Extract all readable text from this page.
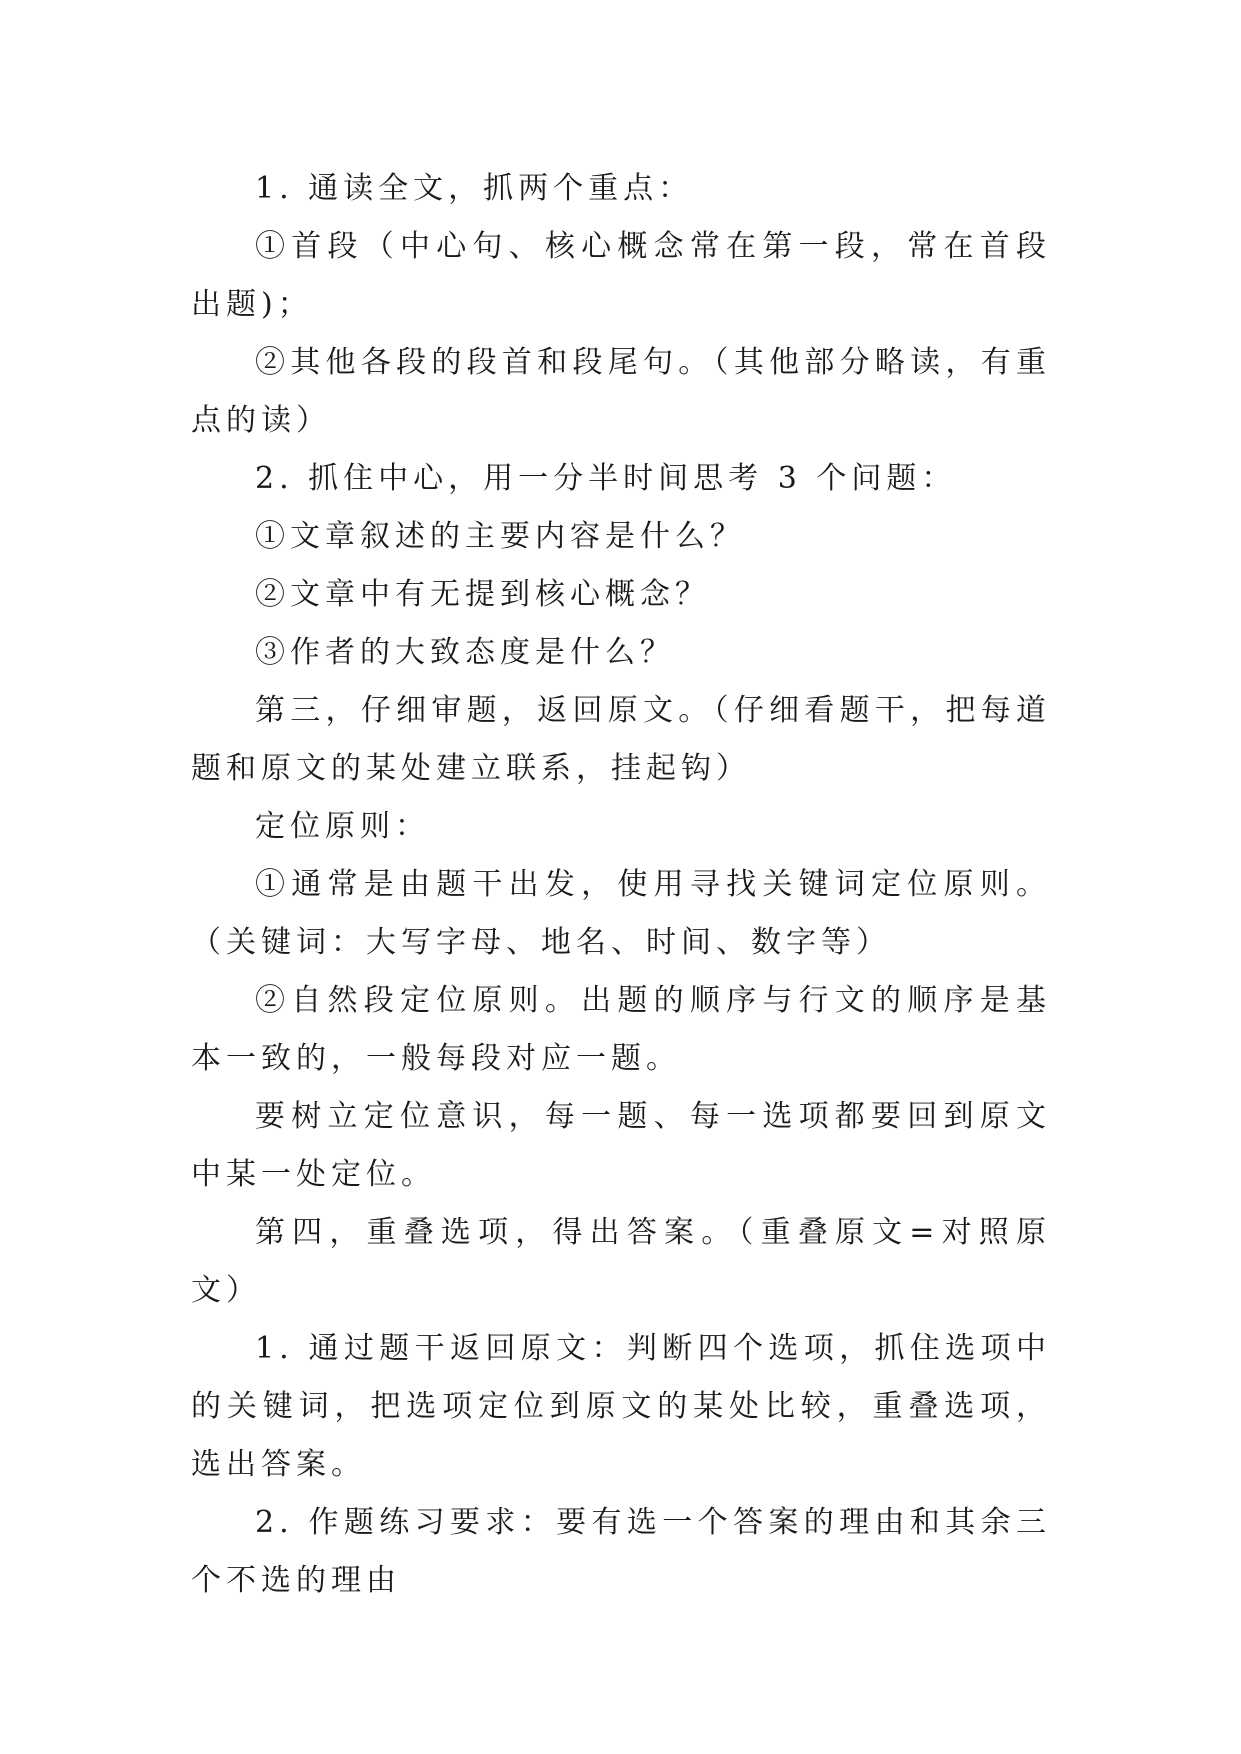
1. 通读全文，抓两个重点：

①首段（中心句、核心概念常在第一段，常在首段出题)；

②其他各段的段首和段尾句。（其他部分略读，有重点的读）

2. 抓住中心，用一分半时间思考 3 个问题：

①文章叙述的主要内容是什么？

②文章中有无提到核心概念？

③作者的大致态度是什么？

第三，仔细审题，返回原文。（仔细看题干，把每道题和原文的某处建立联系，挂起钩）

定位原则：

①通常是由题干出发，使用寻找关键词定位原则。（关键词：大写字母、地名、时间、数字等）

②自然段定位原则。出题的顺序与行文的顺序是基本一致的，一般每段对应一题。

要树立定位意识，每一题、每一选项都要回到原文中某一处定位。

第四，重叠选项，得出答案。（重叠原文=对照原文）

1. 通过题干返回原文：判断四个选项，抓住选项中的关键词，把选项定位到原文的某处比较，重叠选项，选出答案。

2. 作题练习要求：要有选一个答案的理由和其余三个不选的理由
